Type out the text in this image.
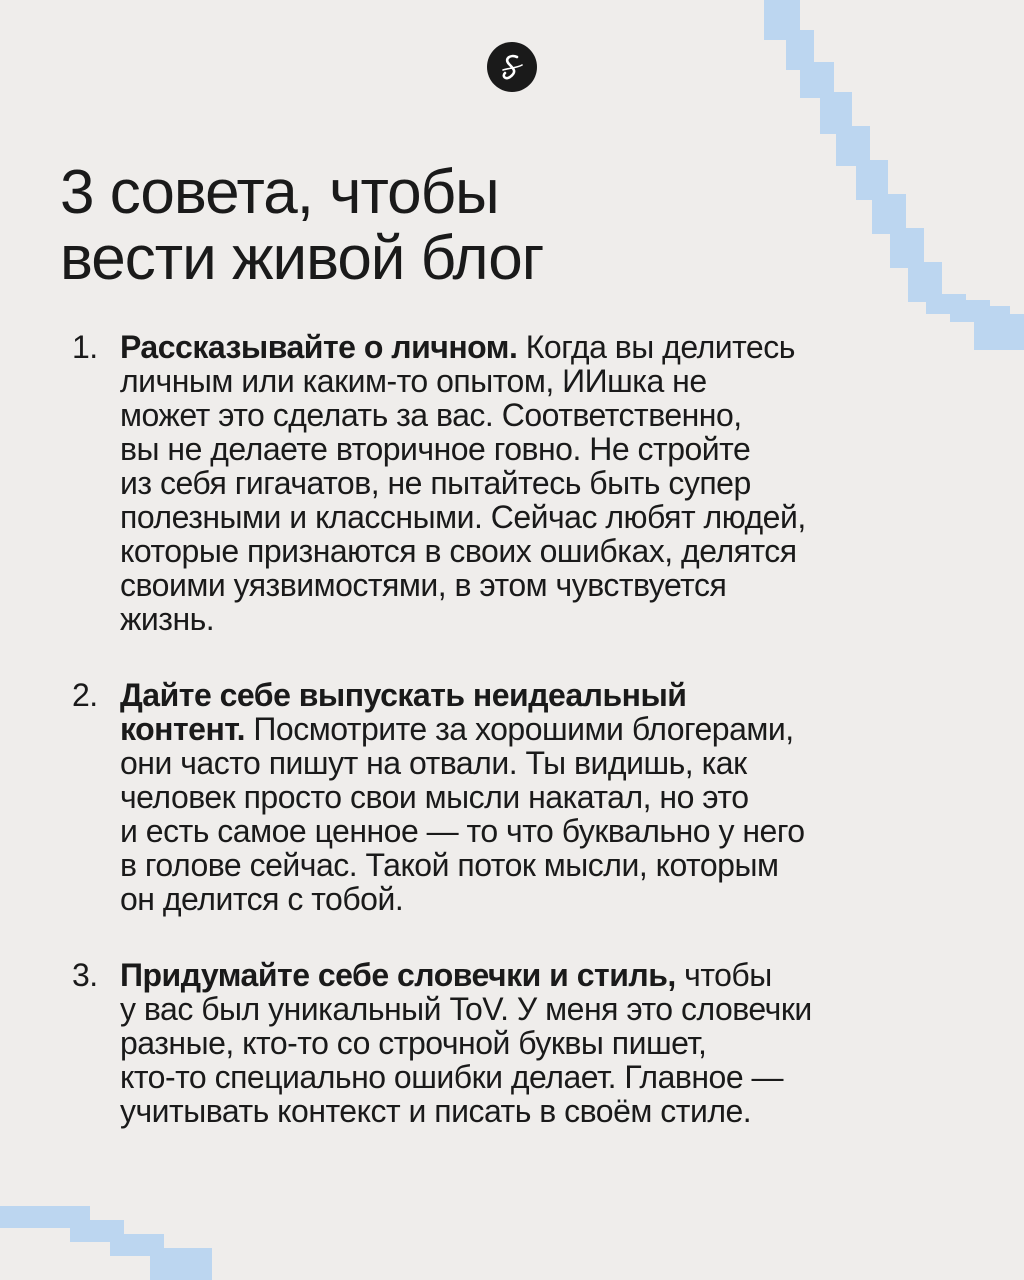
3 совета, чтобы
вести живой блог
1. Рассказывайте о личном. Когда вы делитесь
личным или каким-то опытом, ИИшка не
может это сделать за вас. Соответственно,
вы не делаете вторичное говно. Не стройте
из себя гигачатов, не пытайтесь быть супер
полезными и классными. Сейчас любят людей,
которые признаются в своих ошибках, делятся
своими уязвимостями, в этом чувствуется
жизнь.
2. Дайте себе выпускать неидеальный
контент. Посмотрите за хорошими блогерами,
они часто пишут на отвали. Ты видишь, как
человек просто свои мысли накатал, но это
и есть самое ценное — то что буквально у него
в голове сейчас. Такой поток мысли, которым
он делится с тобой.
3. Придумайте себе словечки и стиль, чтобы
у вас был уникальный ToV. У меня это словечки
разные, кто-то со строчной буквы пишет,
кто-то специально ошибки делает. Главное —
учитывать контекст и писать в своём стиле.
